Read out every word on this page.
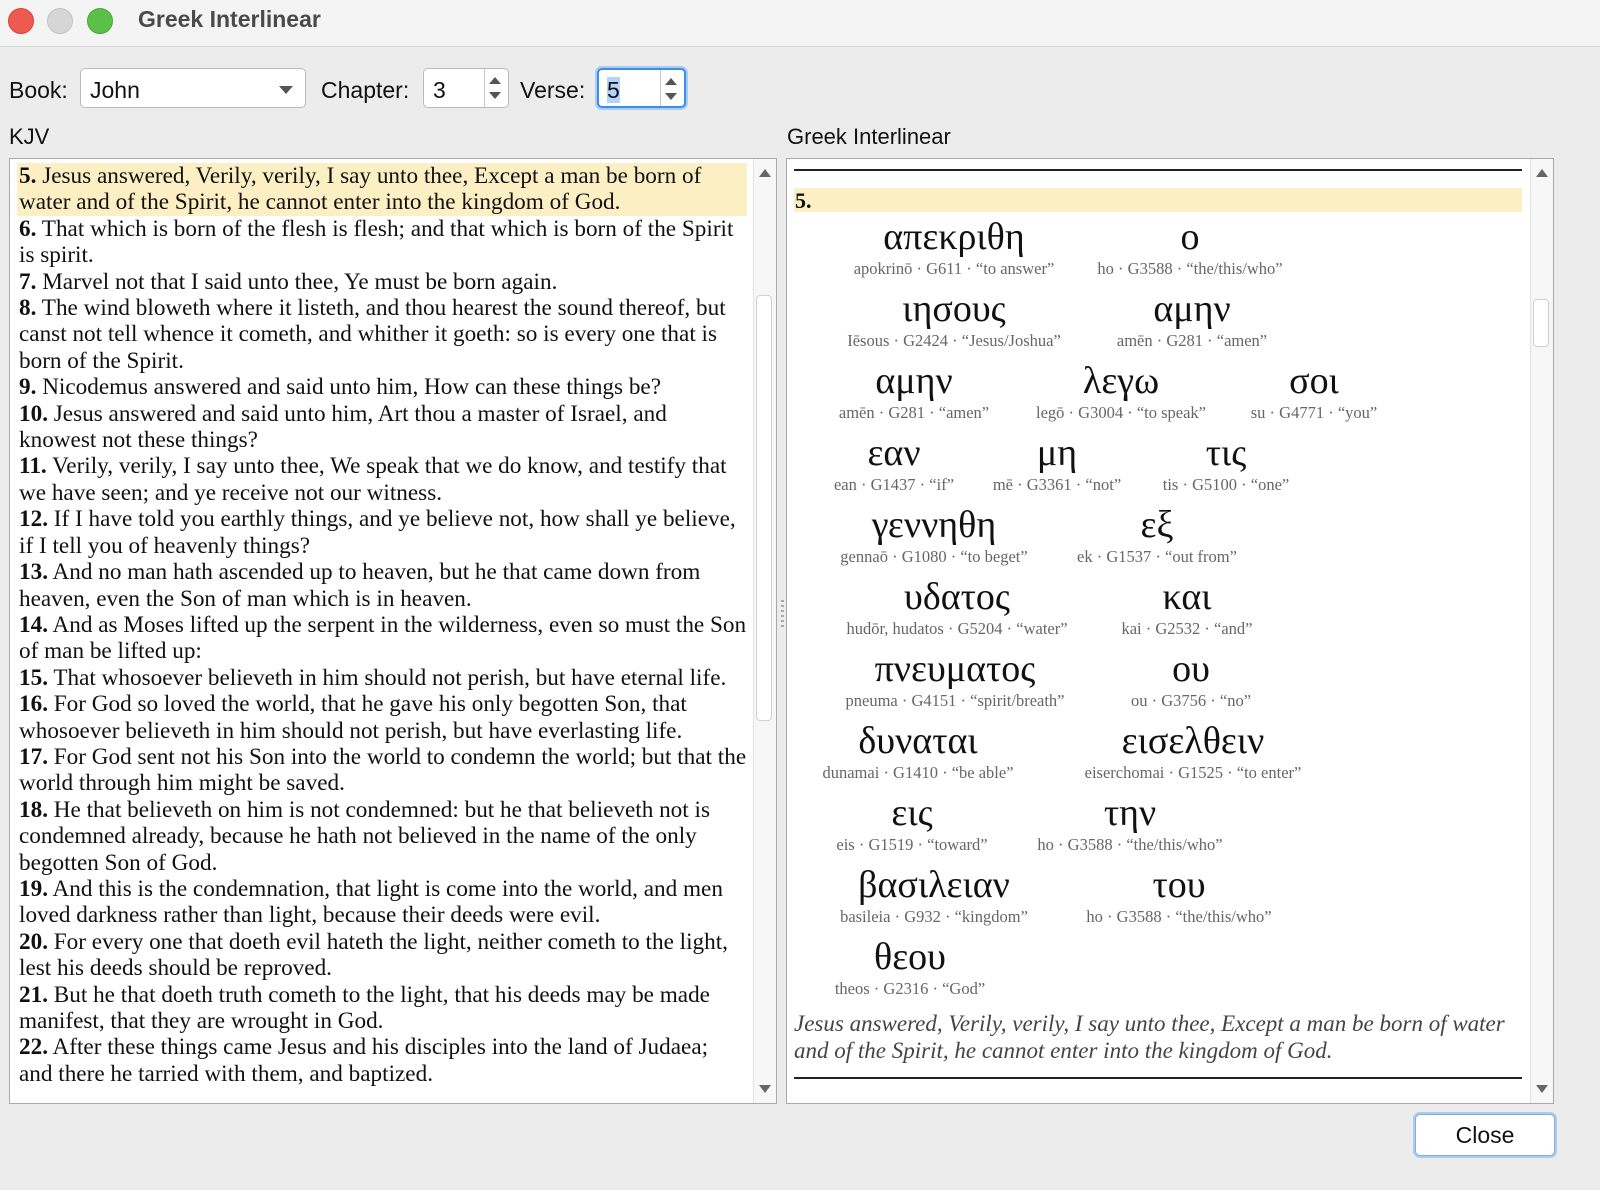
Greek Interlinear
Book: John	Chapter: 3	Verse: 5
KJV	Greek Interlinear
5. Jesus answered, Verily, verily, I say unto thee, Except a man be born of water and of the Spirit, he cannot enter into the kingdom of God.
6. That which is born of the flesh is flesh; and that which is born of the Spirit is spirit.
7. Marvel not that I said unto thee, Ye must be born again.
8. The wind bloweth where it listeth, and thou hearest the sound thereof, but canst not tell whence it cometh, and whither it goeth: so is every one that is born of the Spirit.
9. Nicodemus answered and said unto him, How can these things be?
10. Jesus answered and said unto him, Art thou a master of Israel, and knowest not these things?
11. Verily, verily, I say unto thee, We speak that we do know, and testify that we have seen; and ye receive not our witness.
12. If I have told you earthly things, and ye believe not, how shall ye believe, if I tell you of heavenly things?
13. And no man hath ascended up to heaven, but he that came down from heaven, even the Son of man which is in heaven.
14. And as Moses lifted up the serpent in the wilderness, even so must the Son of man be lifted up:
15. That whosoever believeth in him should not perish, but have eternal life.
16. For God so loved the world, that he gave his only begotten Son, that whosoever believeth in him should not perish, but have everlasting life.
17. For God sent not his Son into the world to condemn the world; but that the world through him might be saved.
18. He that believeth on him is not condemned: but he that believeth not is condemned already, because he hath not believed in the name of the only begotten Son of God.
19. And this is the condemnation, that light is come into the world, and men loved darkness rather than light, because their deeds were evil.
20. For every one that doeth evil hateth the light, neither cometh to the light, lest his deeds should be reproved.
21. But he that doeth truth cometh to the light, that his deeds may be made manifest, that they are wrought in God.
22. After these things came Jesus and his disciples into the land of Judaea; and there he tarried with them, and baptized.
5.
Jesus answered, Verily, verily, I say unto thee, Except a man be born of water and of the Spirit, he cannot enter into the kingdom of God.
απεκριθη
apokrinō · G611 · “to answer”
ο
ho · G3588 · “the/this/who”
ιησους
Iēsous · G2424 · “Jesus/Joshua”
αμην
amēn · G281 · “amen”
αμην
amēn · G281 · “amen”
λεγω
legō · G3004 · “to speak”
σοι
su · G4771 · “you”
εαν
ean · G1437 · “if”
μη
mē · G3361 · “not”
τις
tis · G5100 · “one”
γεννηθη
gennaō · G1080 · “to beget”
εξ
ek · G1537 · “out from”
υδατος
hudōr, hudatos · G5204 · “water”
και
kai · G2532 · “and”
πνευματος
pneuma · G4151 · “spirit/breath”
ου
ou · G3756 · “no”
δυναται
dunamai · G1410 · “be able”
εισελθειν
eiserchomai · G1525 · “to enter”
εις
eis · G1519 · “toward”
την
ho · G3588 · “the/this/who”
βασιλειαν
basileia · G932 · “kingdom”
του
ho · G3588 · “the/this/who”
θεου
theos · G2316 · “God”
Close
